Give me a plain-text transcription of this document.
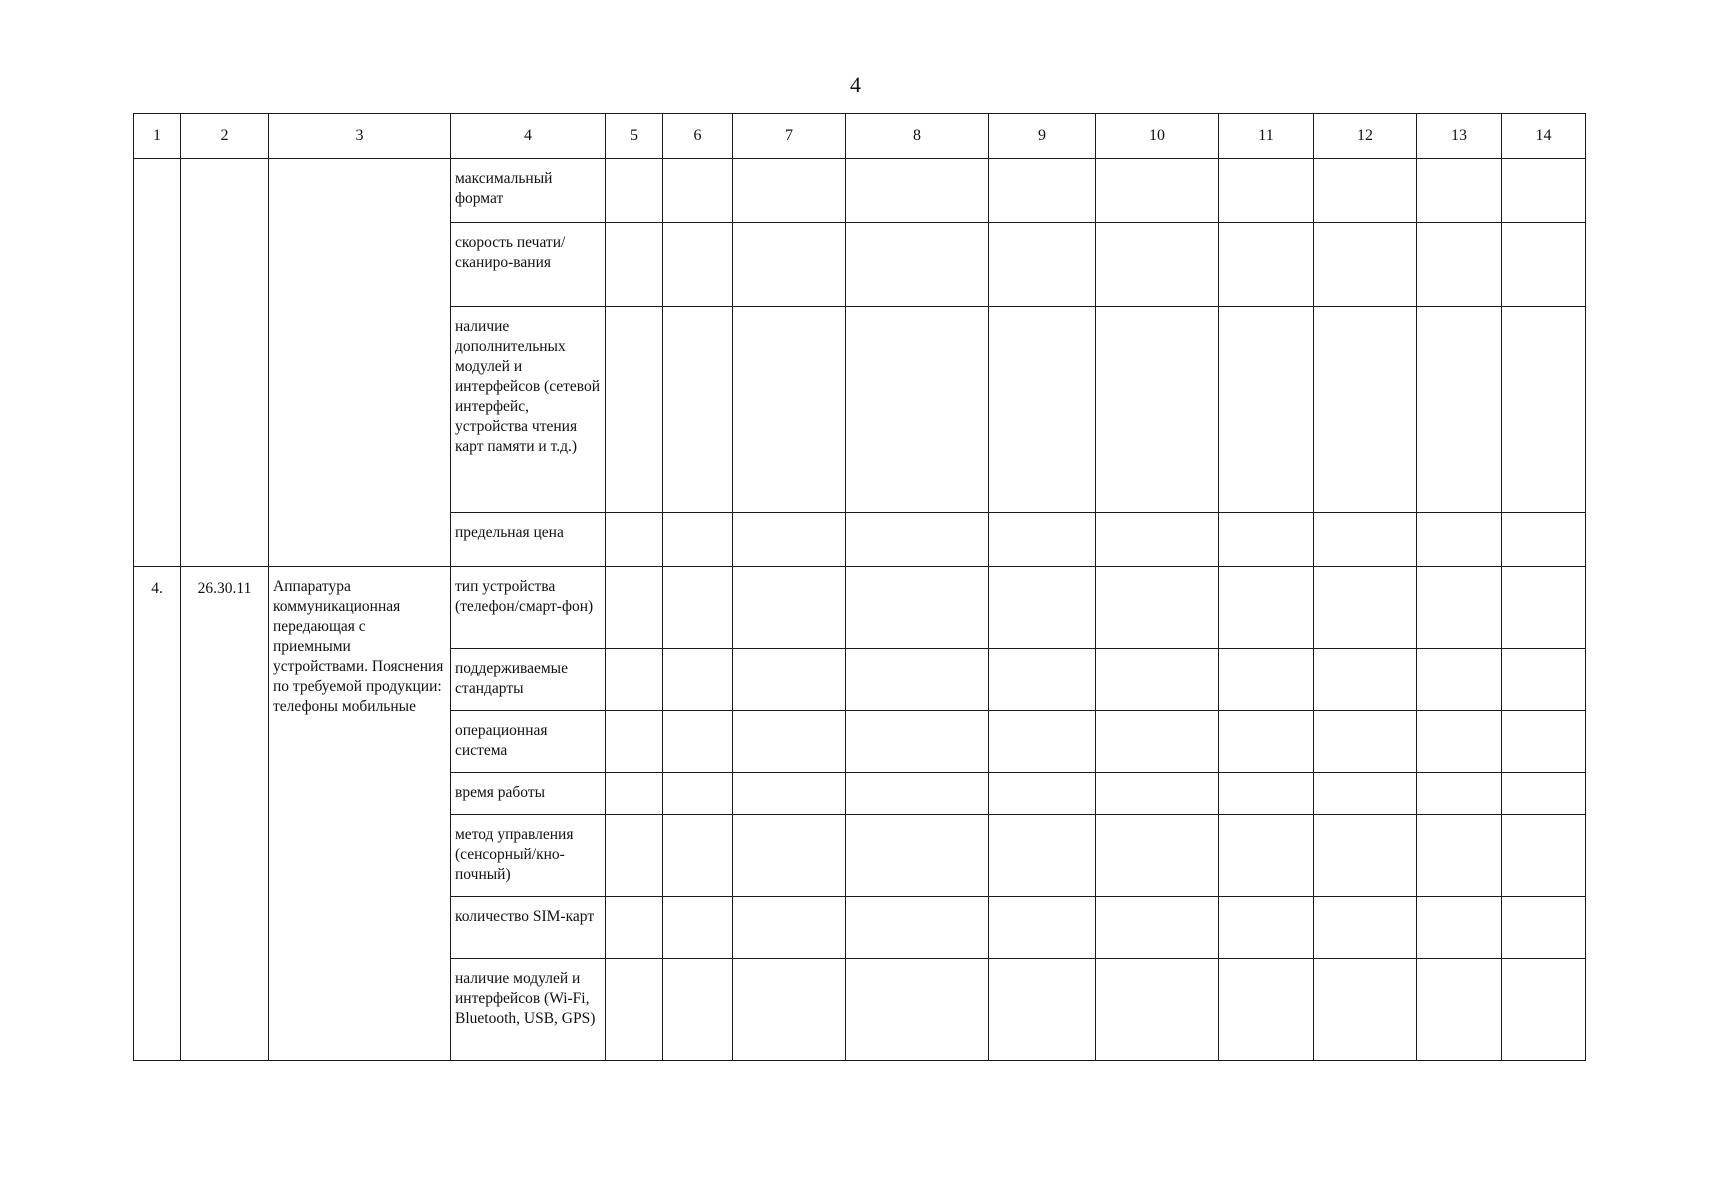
4
1	2	3	4	5	6	7	8	9	10	11	12	13	14

			максимальный формат										

			скорость печати/сканиро-вания										

			наличие дополнительных модулей и интерфейсов (сетевой интерфейс, устройства чтения карт памяти и т.д.)										

			предельная цена										

4.	26.30.11	Аппаратура коммуникационная передающая с приемными устройствами. Пояснения по требуемой продукции: телефоны мобильные	тип устройства (телефон/смарт-фон)										

			поддерживаемые стандарты										

			операционная система										

			время работы										

			метод управления (сенсорный/кно-почный)										

			количество SIM-карт										

			наличие модулей и интерфейсов (Wi-Fi, Bluetooth, USB, GPS)										
